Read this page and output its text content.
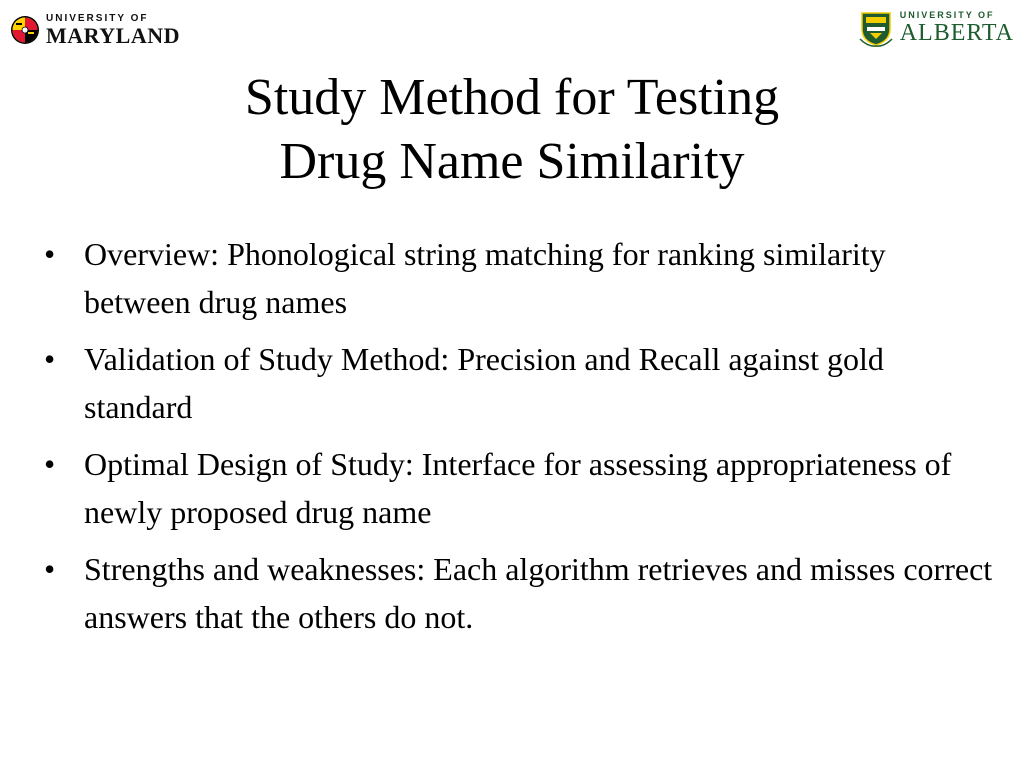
UNIVERSITY OF
MARYLAND
UNIVERSITY OF
ALBERTA
Study Method for Testing
Drug Name Similarity
• Overview: Phonological string matching for ranking similarity between drug names
• Validation of Study Method: Precision and Recall against gold standard
• Optimal Design of Study: Interface for assessing appropriateness of newly proposed drug name
• Strengths and weaknesses: Each algorithm retrieves and misses correct answers that the others do not.
